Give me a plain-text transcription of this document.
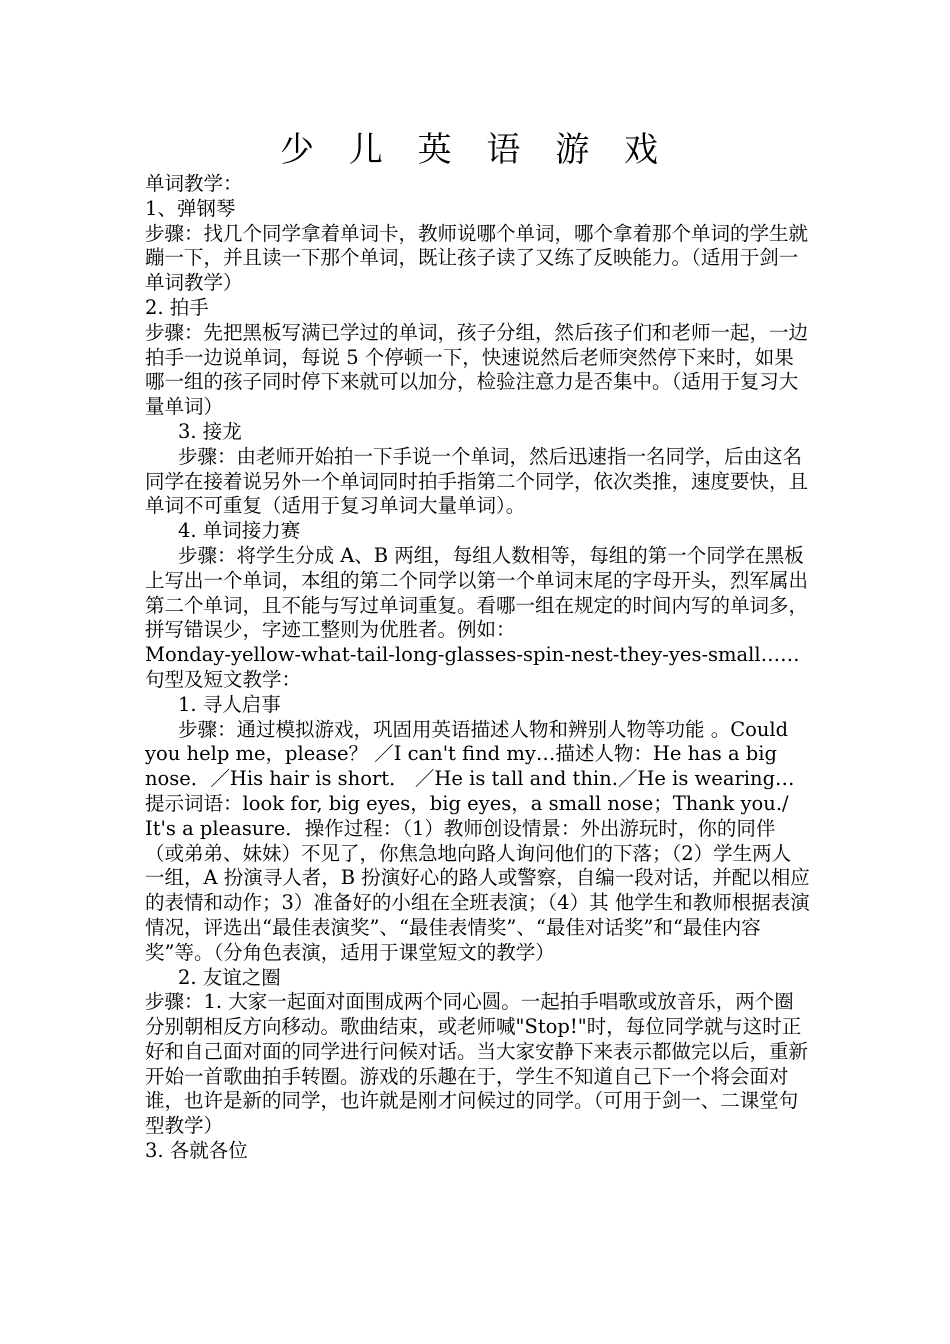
少 儿 英 语 游 戏

单词教学：

1、弹钢琴

步骤：找几个同学拿着单词卡，教师说哪个单词，哪个拿着那个单词的学生就蹦一下，并且读一下那个单词，既让孩子读了又练了反映能力。（适用于剑一单词教学）

2. 拍手

步骤：先把黑板写满已学过的单词，孩子分组，然后孩子们和老师一起，一边拍手一边说单词，每说 5 个停顿一下，快速说然后老师突然停下来时，如果哪一组的孩子同时停下来就可以加分，检验注意力是否集中。（适用于复习大量单词）

3. 接龙

步骤：由老师开始拍一下手说一个单词，然后迅速指一名同学，后由这名同学在接着说另外一个单词同时拍手指第二个同学，依次类推，速度要快，且单词不可重复（适用于复习单词大量单词）。

4. 单词接力赛

步骤：将学生分成 A、B 两组，每组人数相等，每组的第一个同学在黑板上写出一个单词，本组的第二个同学以第一个单词末尾的字母开头，烈军属出第二个单词，且不能与写过单词重复。看哪一组在规定的时间内写的单词多，拼写错误少，字迹工整则为优胜者。例如：

Monday-yellow-what-tail-long-glasses-spin-nest-they-yes-small……

句型及短文教学：

1. 寻人启事

步骤：通过模拟游戏，巩固用英语描述人物和辨别人物等功能 。Could you help me，please？ ／I can't find my…描述人物：He has a big nose．／His hair is short． ／He is tall and thin.／He is wearing…提示词语：look for, big eyes，big eyes，a small nose；Thank you./ It's a pleasure．操作过程：（1）教师创设情景：外出游玩时，你的同伴（或弟弟、妹妹）不见了，你焦急地向路人询问他们的下落；（2）学生两人一组，A 扮演寻人者，B 扮演好心的路人或警察，自编一段对话，并配以相应的表情和动作；3）准备好的小组在全班表演；（4）其 他学生和教师根据表演情况，评选出“最佳表演奖”、“最佳表情奖”、“最佳对话奖”和“最佳内容奖”等。（分角色表演，适用于课堂短文的教学）

2. 友谊之圈

步骤：1. 大家一起面对面围成两个同心圆。一起拍手唱歌或放音乐，两个圈分别朝相反方向移动。歌曲结束，或老师喊"Stop!"时，每位同学就与这时正好和自己面对面的同学进行问候对话。当大家安静下来表示都做完以后，重新开始一首歌曲拍手转圈。游戏的乐趣在于，学生不知道自己下一个将会面对谁，也许是新的同学，也许就是刚才问候过的同学。（可用于剑一、二课堂句型教学）

3. 各就各位
